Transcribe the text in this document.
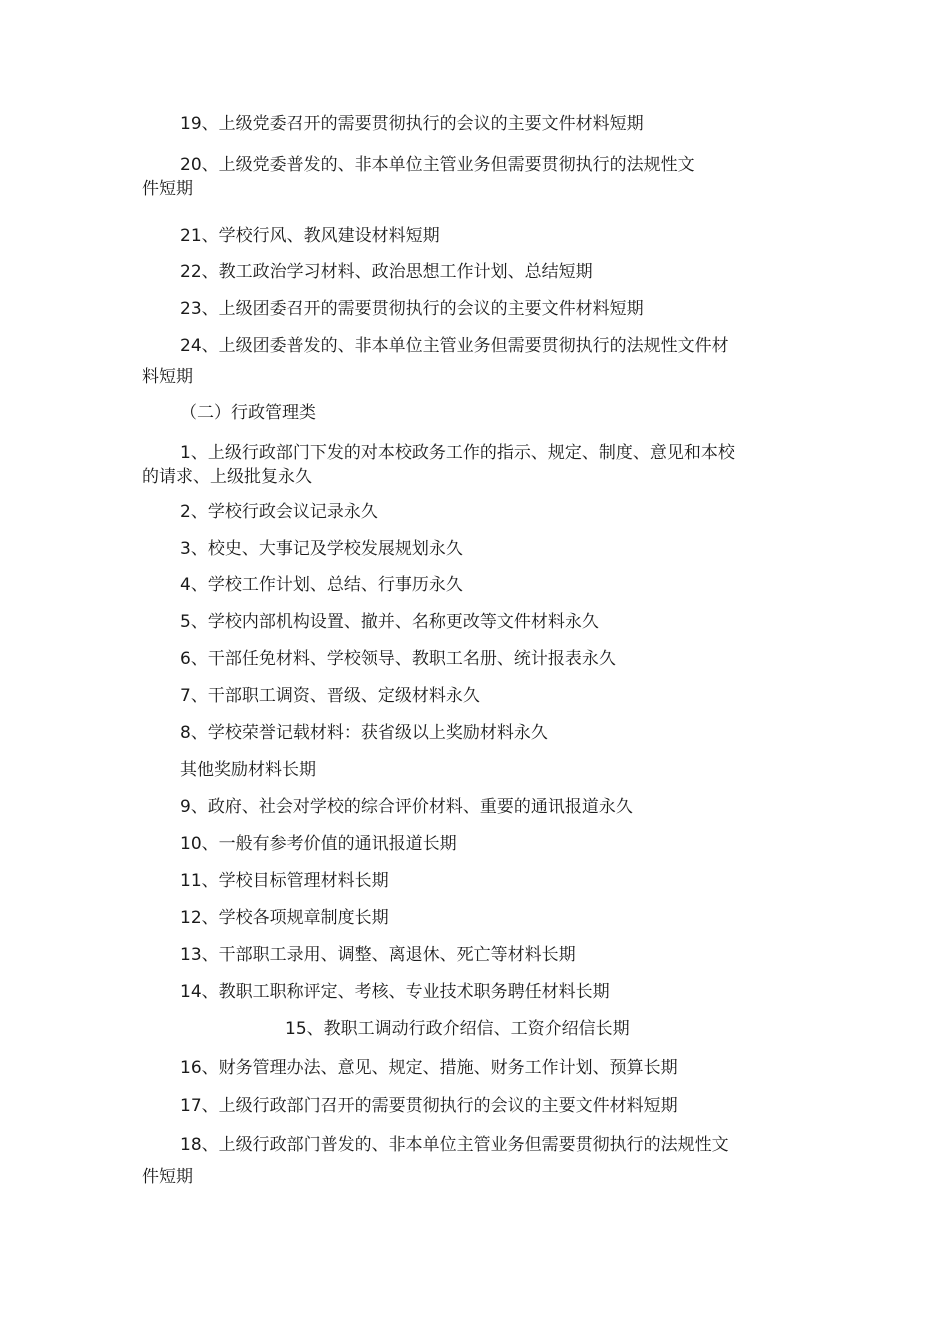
19、上级党委召开的需要贯彻执行的会议的主要文件材料短期

20、上级党委普发的、非本单位主管业务但需要贯彻执行的法规性文

件短期

21、学校行风、教风建设材料短期

22、教工政治学习材料、政治思想工作计划、总结短期

23、上级团委召开的需要贯彻执行的会议的主要文件材料短期

24、上级团委普发的、非本单位主管业务但需要贯彻执行的法规性文件材

料短期

（二）行政管理类

1、上级行政部门下发的对本校政务工作的指示、规定、制度、意见和本校

的请求、上级批复永久

2、学校行政会议记录永久

3、校史、大事记及学校发展规划永久

4、学校工作计划、总结、行事历永久

5、学校内部机构设置、撤并、名称更改等文件材料永久

6、干部任免材料、学校领导、教职工名册、统计报表永久

7、干部职工调资、晋级、定级材料永久

8、学校荣誉记载材料：获省级以上奖励材料永久

其他奖励材料长期

9、政府、社会对学校的综合评价材料、重要的通讯报道永久

10、一般有参考价值的通讯报道长期

11、学校目标管理材料长期

12、学校各项规章制度长期

13、干部职工录用、调整、离退休、死亡等材料长期

14、教职工职称评定、考核、专业技术职务聘任材料长期

15、教职工调动行政介绍信、工资介绍信长期

16、财务管理办法、意见、规定、措施、财务工作计划、预算长期

17、上级行政部门召开的需要贯彻执行的会议的主要文件材料短期

18、上级行政部门普发的、非本单位主管业务但需要贯彻执行的法规性文

件短期
